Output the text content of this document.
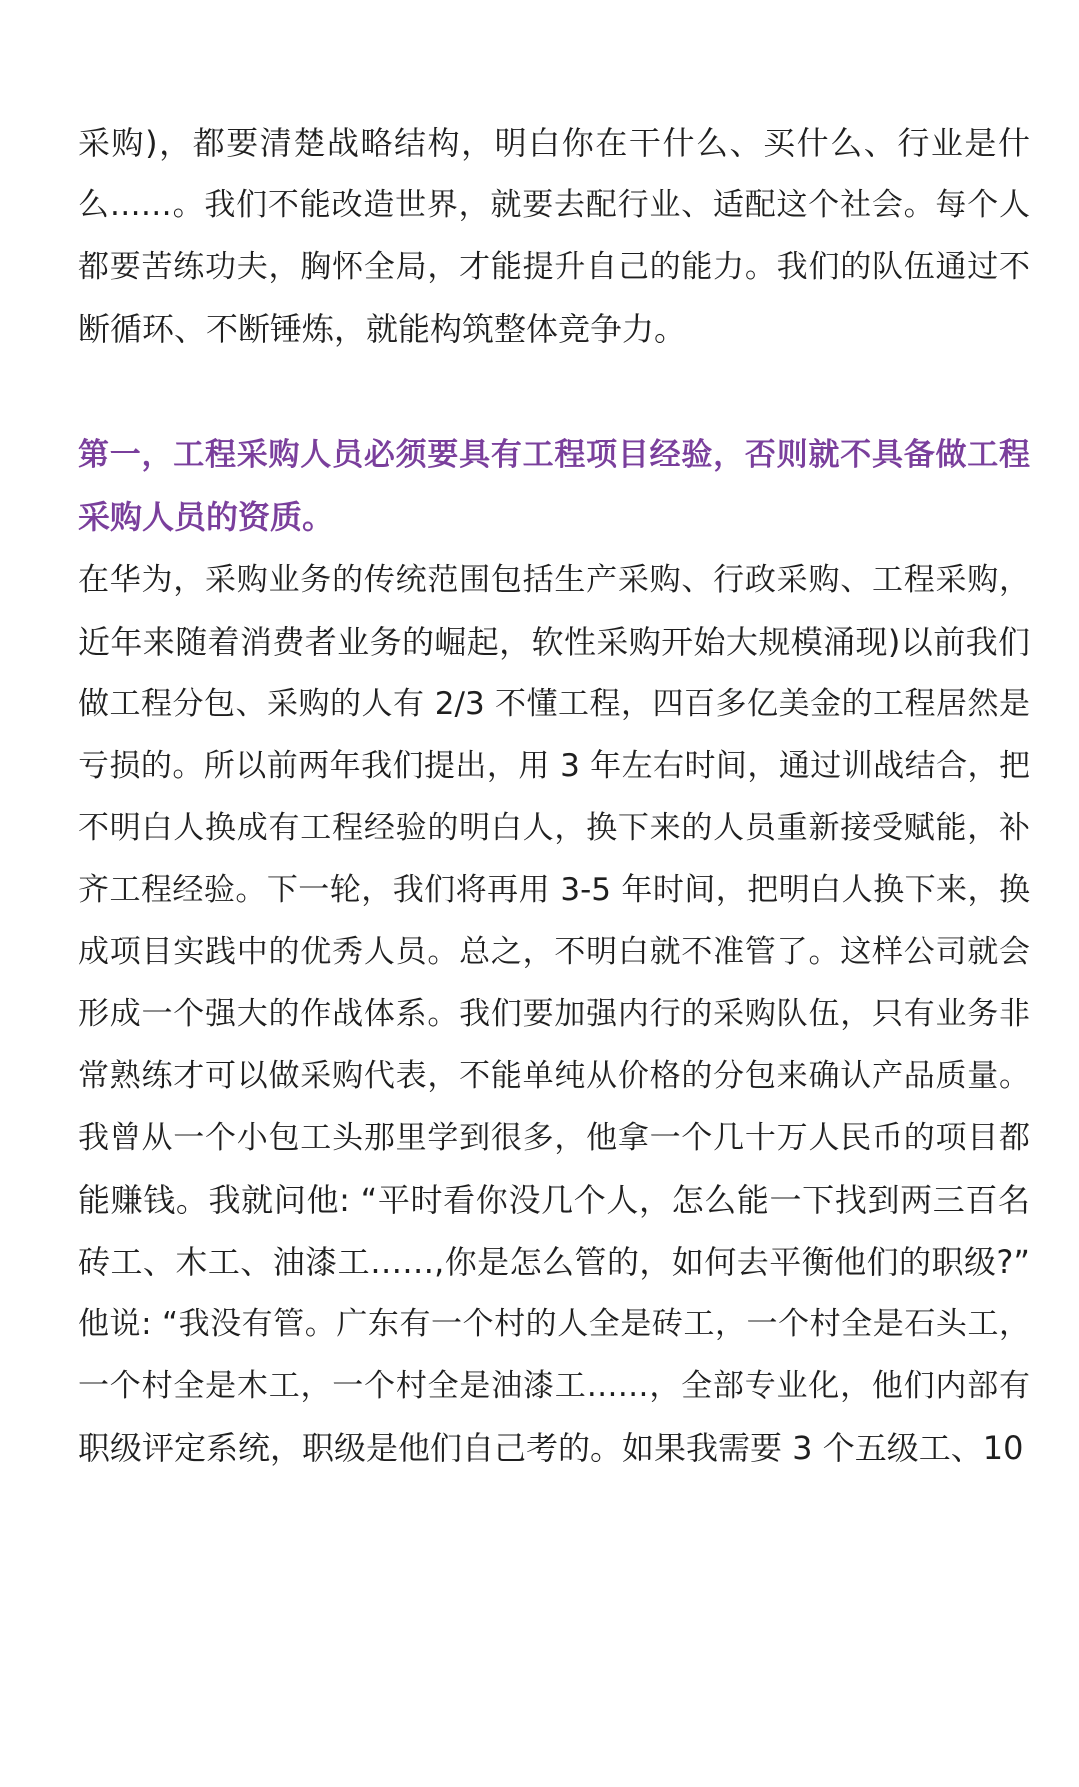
采购)，都要清楚战略结构，明白你在干什么、买什么、行业是什
么……。我们不能改造世界，就要去配行业、适配这个社会。每个人
都要苦练功夫，胸怀全局，才能提升自己的能力。我们的队伍通过不
断循环、不断锤炼，就能构筑整体竞争力。
第一，工程采购人员必须要具有工程项目经验，否则就不具备做工程
采购人员的资质。
在华为，采购业务的传统范围包括生产采购、行政采购、工程采购，
近年来随着消费者业务的崛起，软性采购开始大规模涌现)以前我们
做工程分包、采购的人有 2/3 不懂工程，四百多亿美金的工程居然是
亏损的。所以前两年我们提出，用 3 年左右时间，通过训战结合，把
不明白人换成有工程经验的明白人，换下来的人员重新接受赋能，补
齐工程经验。下一轮，我们将再用 3-5 年时间，把明白人换下来，换
成项目实践中的优秀人员。总之，不明白就不准管了。这样公司就会
形成一个强大的作战体系。我们要加强内行的采购队伍，只有业务非
常熟练才可以做采购代表，不能单纯从价格的分包来确认产品质量。
我曾从一个小包工头那里学到很多，他拿一个几十万人民币的项目都
能赚钱。我就问他: “平时看你没几个人，怎么能一下找到两三百名
砖工、木工、油漆工……,你是怎么管的，如何去平衡他们的职级?”
他说: “我没有管。广东有一个村的人全是砖工，一个村全是石头工，
一个村全是木工，一个村全是油漆工……，全部专业化，他们内部有
职级评定系统，职级是他们自己考的。如果我需要 3 个五级工、10
